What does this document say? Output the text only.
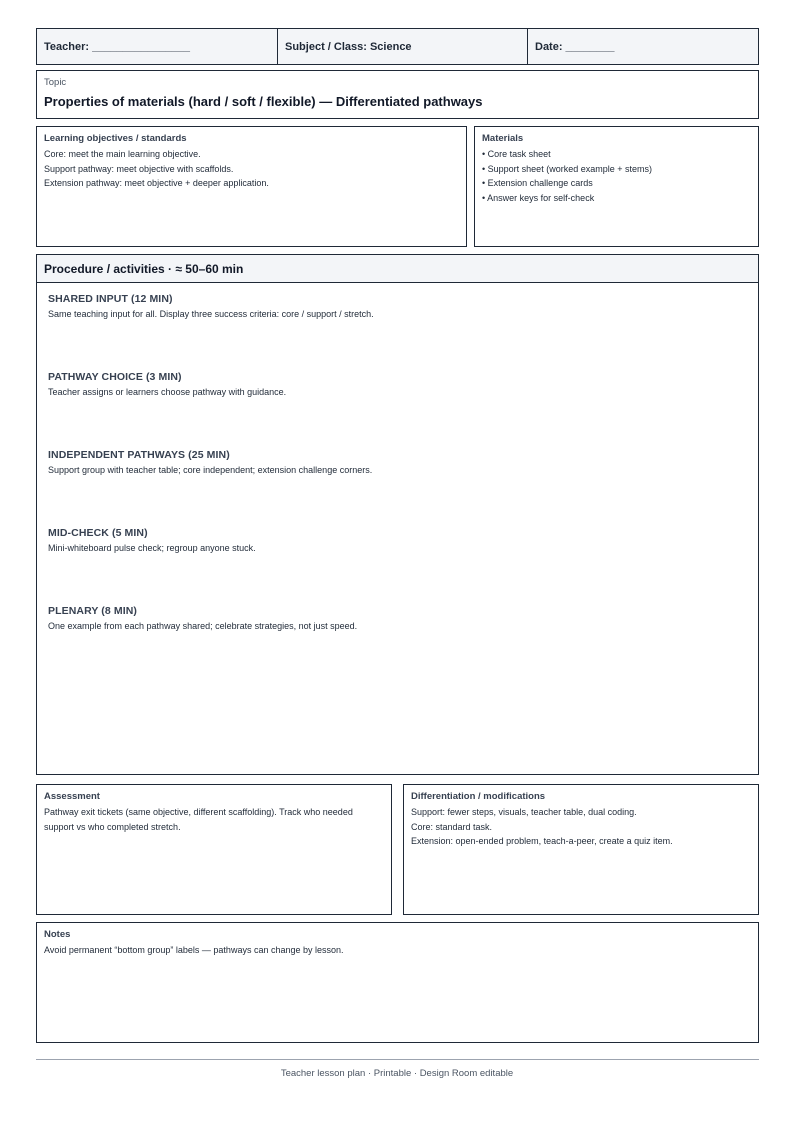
Teacher: ________________	Subject / Class: Science	Date: ________
Topic
Properties of materials (hard / soft / flexible) — Differentiated pathways
Learning objectives / standards
Core: meet the main learning objective.
Support pathway: meet objective with scaffolds.
Extension pathway: meet objective + deeper application.
Materials
• Core task sheet
• Support sheet (worked example + stems)
• Extension challenge cards
• Answer keys for self-check
Procedure / activities · ≈ 50–60 min
SHARED INPUT (12 MIN)
Same teaching input for all. Display three success criteria: core / support / stretch.
PATHWAY CHOICE (3 MIN)
Teacher assigns or learners choose pathway with guidance.
INDEPENDENT PATHWAYS (25 MIN)
Support group with teacher table; core independent; extension challenge corners.
MID-CHECK (5 MIN)
Mini-whiteboard pulse check; regroup anyone stuck.
PLENARY (8 MIN)
One example from each pathway shared; celebrate strategies, not just speed.
Assessment
Pathway exit tickets (same objective, different scaffolding). Track who needed support vs who completed stretch.
Differentiation / modifications
Support: fewer steps, visuals, teacher table, dual coding.
Core: standard task.
Extension: open-ended problem, teach-a-peer, create a quiz item.
Notes
Avoid permanent “bottom group” labels — pathways can change by lesson.
Teacher lesson plan · Printable · Design Room editable
